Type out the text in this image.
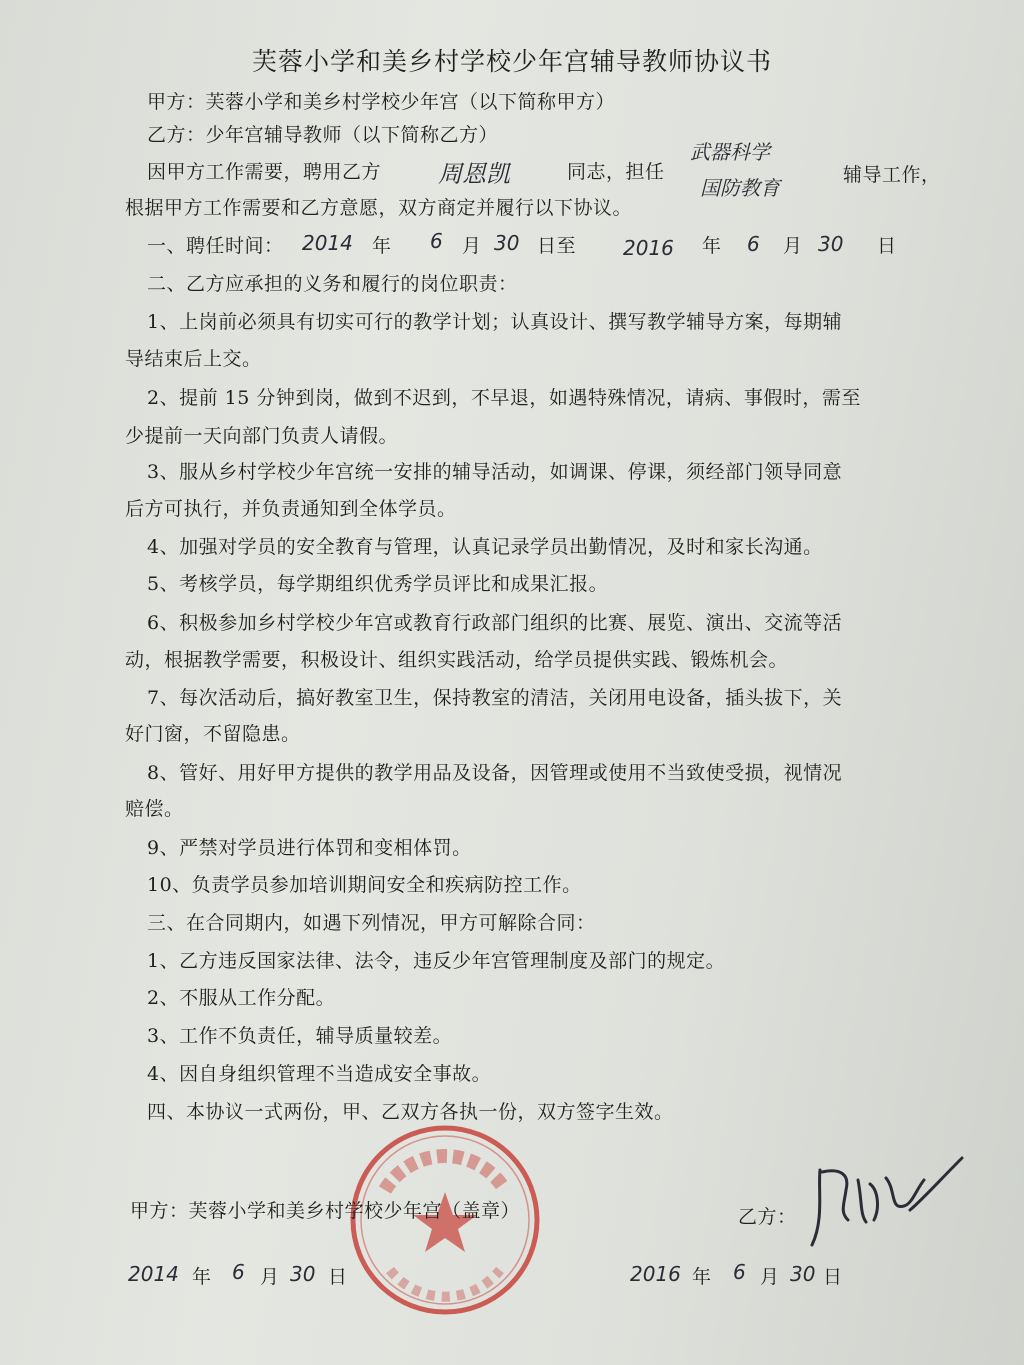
芙蓉小学和美乡村学校少年宫辅导教师协议书
甲方：芙蓉小学和美乡村学校少年宫（以下简称甲方）
乙方：少年宫辅导教师（以下简称乙方）
因甲方工作需要，聘用乙方 周恩凯	同志，担任
武器科学
国防教育
辅导工作，
根据甲方工作需要和乙方意愿，双方商定并履行以下协议。
一、聘任时间： 2014 年 6 月 30 日至 2016 年 6 月 30 日
二、乙方应承担的义务和履行的岗位职责：
1、上岗前必须具有切实可行的教学计划；认真设计、撰写教学辅导方案，每期辅
导结束后上交。
2、提前 15 分钟到岗，做到不迟到，不早退，如遇特殊情况，请病、事假时，需至
少提前一天向部门负责人请假。
3、服从乡村学校少年宫统一安排的辅导活动，如调课、停课，须经部门领导同意
后方可执行，并负责通知到全体学员。
4、加强对学员的安全教育与管理，认真记录学员出勤情况，及时和家长沟通。
5、考核学员，每学期组织优秀学员评比和成果汇报。
6、积极参加乡村学校少年宫或教育行政部门组织的比赛、展览、演出、交流等活
动，根据教学需要，积极设计、组织实践活动，给学员提供实践、锻炼机会。
7、每次活动后，搞好教室卫生，保持教室的清洁，关闭用电设备，插头拔下，关
好门窗，不留隐患。
8、管好、用好甲方提供的教学用品及设备，因管理或使用不当致使受损，视情况
赔偿。
9、严禁对学员进行体罚和变相体罚。
10、负责学员参加培训期间安全和疾病防控工作。
三、在合同期内，如遇下列情况，甲方可解除合同：
1、乙方违反国家法律、法令，违反少年宫管理制度及部门的规定。
2、不服从工作分配。
3、工作不负责任，辅导质量较差。
4、因自身组织管理不当造成安全事故。
四、本协议一式两份，甲、乙双方各执一份，双方签字生效。
甲方：芙蓉小学和美乡村学校少年宫（盖章）	乙方：
2014 年 6 月 30 日	2016 年 6 月 30 日
